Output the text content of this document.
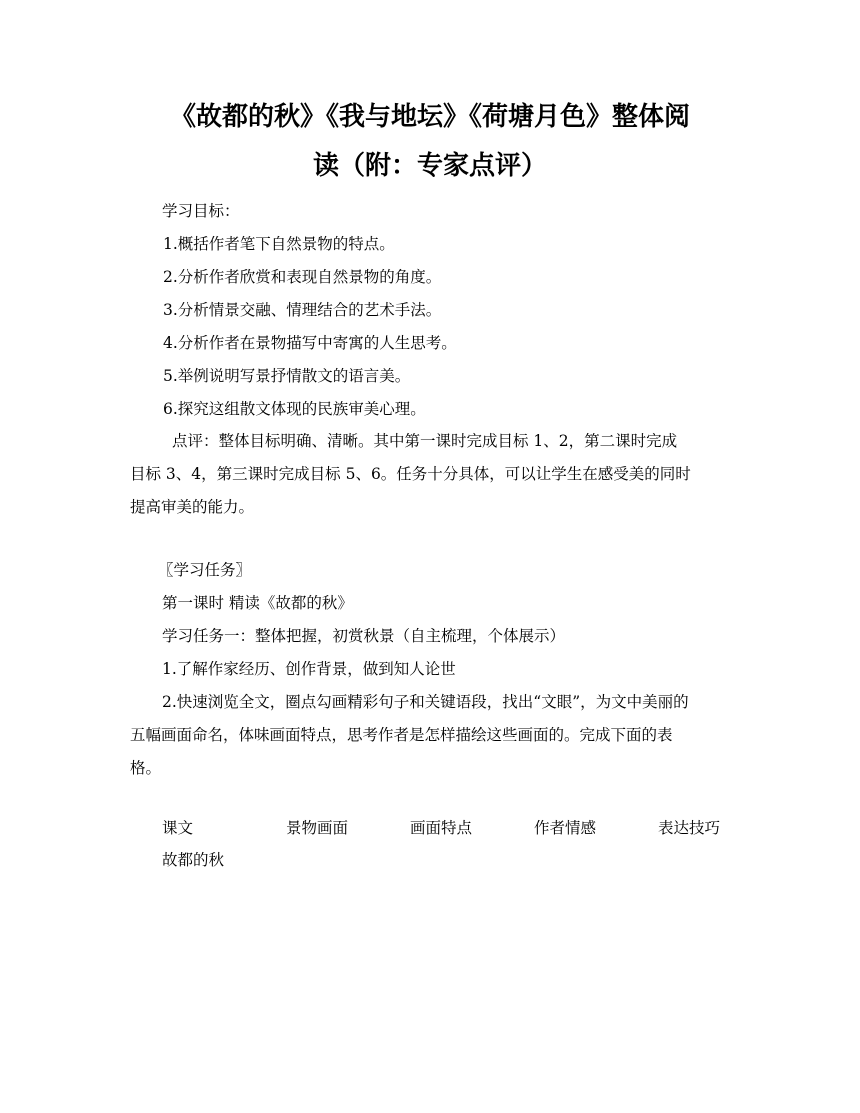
《故都的秋》《我与地坛》《荷塘月色》整体阅
读（附：专家点评）
学习目标：
1.概括作者笔下自然景物的特点。
2.分析作者欣赏和表现自然景物的角度。
3.分析情景交融、情理结合的艺术手法。
4.分析作者在景物描写中寄寓的人生思考。
5.举例说明写景抒情散文的语言美。
6.探究这组散文体现的民族审美心理。
点评：整体目标明确、清晰。其中第一课时完成目标 1、2，第二课时完成
目标 3、4，第三课时完成目标 5、6。任务十分具体，可以让学生在感受美的同时
提高审美的能力。
〖学习任务〗
第一课时 精读《故都的秋》
学习任务一：整体把握，初赏秋景（自主梳理，个体展示）
1.了解作家经历、创作背景，做到知人论世
2.快速浏览全文，圈点勾画精彩句子和关键语段，找出“文眼”，为文中美丽的
五幅画面命名，体味画面特点，思考作者是怎样描绘这些画面的。完成下面的表
格。
课文	景物画面	画面特点	作者情感	表达技巧
故都的秋
